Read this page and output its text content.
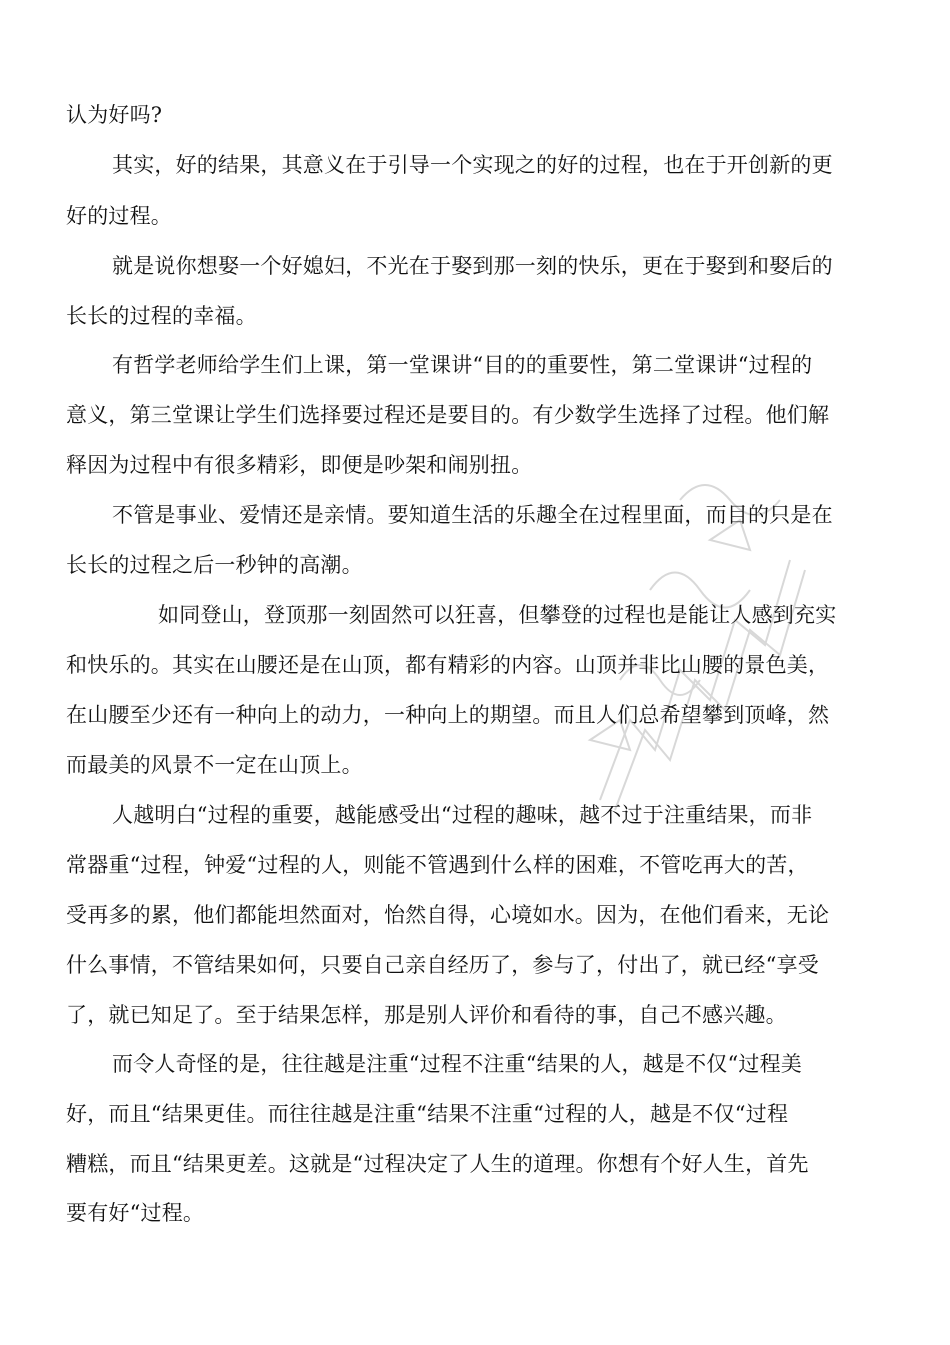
认为好吗?
其实，好的结果，其意义在于引导一个实现之的好的过程，也在于开创新的更
好的过程。
就是说你想娶一个好媳妇，不光在于娶到那一刻的快乐，更在于娶到和娶后的
长长的过程的幸福。
有哲学老师给学生们上课，第一堂课讲“目的的重要性，第二堂课讲“过程的
意义，第三堂课让学生们选择要过程还是要目的。有少数学生选择了过程。他们解
释因为过程中有很多精彩，即便是吵架和闹别扭。
不管是事业、爱情还是亲情。要知道生活的乐趣全在过程里面，而目的只是在
长长的过程之后一秒钟的高潮。
如同登山，登顶那一刻固然可以狂喜，但攀登的过程也是能让人感到充实
和快乐的。其实在山腰还是在山顶，都有精彩的内容。山顶并非比山腰的景色美，
在山腰至少还有一种向上的动力，一种向上的期望。而且人们总希望攀到顶峰，然
而最美的风景不一定在山顶上。
人越明白“过程的重要，越能感受出“过程的趣味，越不过于注重结果，而非
常器重“过程，钟爱“过程的人，则能不管遇到什么样的困难，不管吃再大的苦，
受再多的累，他们都能坦然面对，怡然自得，心境如水。因为，在他们看来，无论
什么事情，不管结果如何，只要自己亲自经历了，参与了，付出了，就已经“享受
了，就已知足了。至于结果怎样，那是别人评价和看待的事，自己不感兴趣。
而令人奇怪的是，往往越是注重“过程不注重“结果的人，越是不仅“过程美
好，而且“结果更佳。而往往越是注重“结果不注重“过程的人，越是不仅“过程
糟糕，而且“结果更差。这就是“过程决定了人生的道理。你想有个好人生，首先
要有好“过程。
